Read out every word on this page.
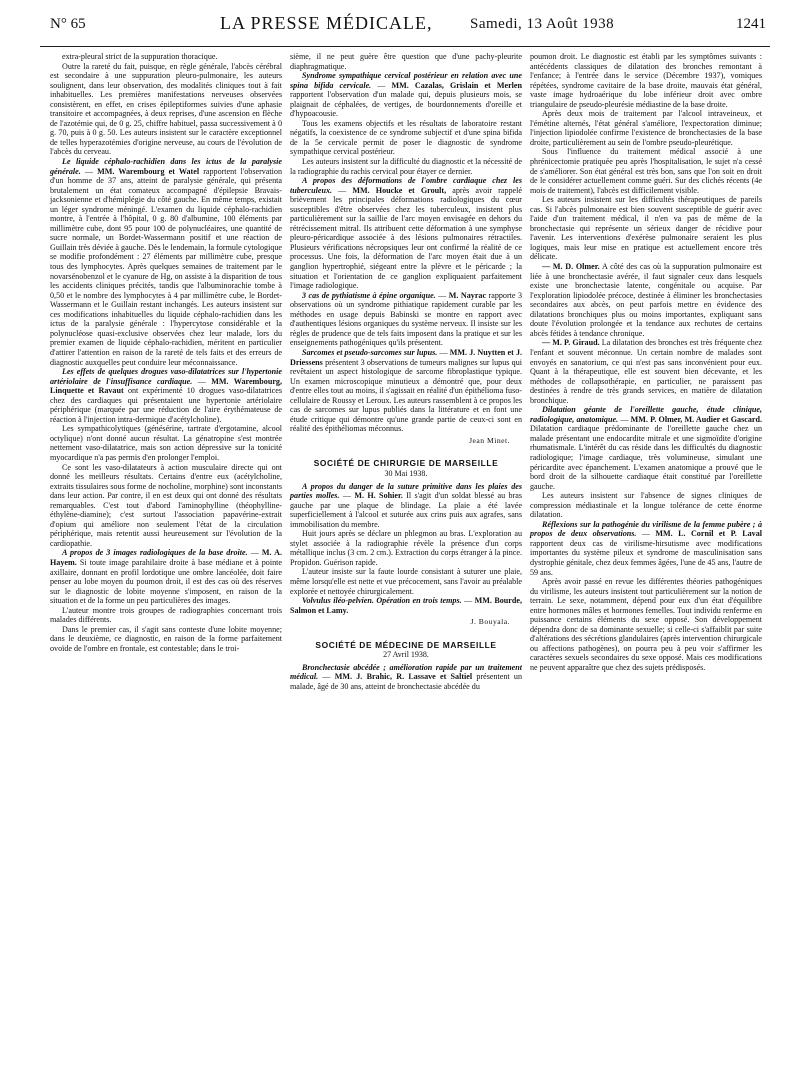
N° 65	LA PRESSE MÉDICALE, Samedi, 13 Août 1938	1241

extra-pleural strict de la suppuration thoracique.

Outre la rareté du fait, puisque, en règle générale, l'abcès cérébral est secondaire à une suppuration pleuro-pulmonaire, les auteurs soulignent, dans leur observation, des modalités cliniques tout à fait inhabituelles. Les premières manifestations nerveuses observées consistèrent, en effet, en crises épileptiformes suivies d'une aphasie transitoire et accompagnées, à deux reprises, d'une ascension en flèche de l'azotémie qui, de 0 g. 25, chiffre habituel, passa successivement à 0 g. 70, puis à 0 g. 50. Les auteurs insistent sur le caractère exceptionnel de telles hyperazotémies d'origine nerveuse, au cours de l'évolution de l'abcès du cerveau.

Le liquide céphalo-rachidien dans les ictus de la paralysie générale. — MM. Warembourg et Watel rapportent l'observation d'un homme de 37 ans, atteint de paralysie générale, qui présenta brutalement un état comateux accompagné d'épilepsie Bravais-jacksonienne et d'hémiplégie du côté gauche. En même temps, existait un léger syndrome méningé. L'examen du liquide céphalo-rachidien montre, à l'entrée à l'hôpital, 0 g. 80 d'albumine, 100 éléments par millimètre cube, dont 95 pour 100 de polynucléaires, une quantité de sucre normale, un Bordet-Wassermann positif et une réaction de Guillain très déviée à gauche. Dès le lendemain, la formule cytologique se modifie profondément : 27 éléments par millimètre cube, presque tous des lymphocytes. Après quelques semaines de traitement par le novarsénobenzol et le cyanure de Hg, on assiste à la disparition de tous les accidents cliniques précités, tandis que l'albuminorachie tombe à 0,50 et le nombre des lymphocytes à 4 par millimètre cube, le Bordet-Wassermann et le Guillain restant inchangés. Les auteurs insistent sur ces modifications inhabituelles du liquide céphalo-rachidien dans les ictus de la paralysie générale : l'hypercytose considérable et la polynucléose quasi-exclusive observées chez leur malade, lors du premier examen de liquide céphalo-rachidien, méritent en particulier d'attirer l'attention en raison de la rareté de tels faits et des erreurs de diagnostic auxquelles peut conduire leur méconnaissance.

Les effets de quelques drogues vaso-dilatatrices sur l'hypertonie artériolaire de l'insuffisance cardiaque. — MM. Warembourg, Linquette et Ravaut ont expérimenté 10 drogues vaso-dilatatrices chez des cardiaques qui présentaient une hypertonie artériolaire périphérique (marquée par une réduction de l'aire érythémateuse de réaction à l'injection intra-dermique d'acétylcholine).

Les sympathicolytiques (génésérine, tartrate d'ergotamine, alcool octylique) n'ont donné aucun résultat. La génatropine s'est montrée nettement vaso-dilatatrice, mais son action dépressive sur la tonicité myocardique n'a pas permis d'en prolonger l'emploi.

Ce sont les vaso-dilatateurs à action musculaire directe qui ont donné les meilleurs résultats. Certains d'entre eux (acétylcholine, extraits tissulaires sous forme de nocholine, morphine) sont inconstants dans leur action. Par contre, il en est deux qui ont donné des résultats remarquables. C'est tout d'abord l'aminophylline (théophylline-éthylène-diamine); c'est surtout l'association papavérine-extrait d'opium qui améliore non seulement l'état de la circulation périphérique, mais retentit aussi heureusement sur l'évolution de la cardiopathie.

A propos de 3 images radiologiques de la base droite. — M. A. Hayem. Si toute image parahilaire droite à base médiane et à pointe axillaire, donnant en profil lordotique une ombre lancéolée, doit faire penser au lobe moyen du poumon droit, il est des cas où des réserves sur le diagnostic de lobite moyenne s'imposent, en raison de la situation et de la forme un peu particulières des images.

L'auteur montre trois groupes de radiographies concernant trois malades différents.

Dans le premier cas, il s'agit sans conteste d'une lobite moyenne; dans le deuxième, ce diagnostic, en raison de la forme parfaitement ovoïde de l'ombre en frontale, est contestable; dans le troi-

sième, il ne peut guère être question que d'une pachy-pleurite diaphragmatique.

Syndrome sympathique cervical postérieur en relation avec une spina bifida cervicale. — MM. Cazalas, Grislain et Merlen rapportent l'observation d'un malade qui, depuis plusieurs mois, se plaignait de céphalées, de vertiges, de bourdonnements d'oreille et d'hypoacousie.

Tous les examens objectifs et les résultats de laboratoire restant négatifs, la coexistence de ce syndrome subjectif et d'une spina bifida de la 5e cervicale permit de poser le diagnostic de syndrome sympathique cervical postérieur.

Les auteurs insistent sur la difficulté du diagnostic et la nécessité de la radiographie du rachis cervical pour étayer ce dernier.

A propos des déformations de l'ombre cardiaque chez les tuberculeux. — MM. Houcke et Groult, après avoir rappelé brièvement les principales déformations radiologiques du cœur susceptibles d'être observées chez les tuberculeux, insistent plus particulièrement sur la saillie de l'arc moyen envisagée en dehors du rétrécissement mitral. Ils attribuent cette déformation à une symphyse pleuro-péricardique associée à des lésions pulmonaires rétractiles. Plusieurs vérifications nécropsiques leur ont confirmé la réalité de ce processus. Une fois, la déformation de l'arc moyen était due à un ganglion hypertrophié, siégeant entre la plèvre et le péricarde ; la situation et l'orientation de ce ganglion expliquaient parfaitement l'image radiologique.

3 cas de pythiatisme à épine organique. — M. Nayrac rapporte 3 observations où un syndrome pithiatique rapidement curable par les méthodes en usage depuis Babinski se montre en rapport avec d'authentiques lésions organiques du système nerveux. Il insiste sur les règles de prudence que de tels faits imposent dans la pratique et sur les enseignements pathogéniques qu'ils présentent.

Sarcomes et pseudo-sarcomes sur lupus. — MM. J. Nuytten et J. Driessens présentent 3 observations de tumeurs malignes sur lupus qui revêtaient un aspect histologique de sarcome fibroplastique typique. Un examen microscopique minutieux a démontré que, pour deux d'entre elles tout au moins, il s'agissait en réalité d'un épithélioma fuso-cellulaire de Roussy et Leroux. Les auteurs rassemblent à ce propos les cas de sarcomes sur lupus publiés dans la littérature et en font une étude critique qui démontre qu'une grande partie de ceux-ci sont en réalité des épithéliomas méconnus.

Jean Minet.

SOCIÉTÉ DE CHIRURGIE DE MARSEILLE

30 Mai 1938.

A propos du danger de la suture primitive dans les plaies des parties molles. — M. H. Sohier. Il s'agit d'un soldat blessé au bras gauche par une plaque de blindage. La plaie a été lavée superficiellement à l'alcool et suturée aux crins puis aux agrafes, sans immobilisation du membre.

Huit jours après se déclare un phlegmon au bras. L'exploration au stylet associée à la radiographie révèle la présence d'un corps métallique inclus (3 cm. 2 cm.). Extraction du corps étranger à la pince. Propidon. Guérison rapide.

L'auteur insiste sur la faute lourde consistant à suturer une plaie, même lorsqu'elle est nette et vue précocement, sans l'avoir au préalable explorée et nettoyée chirurgicalement.

Volvulus iléo-pelvien. Opération en trois temps. — MM. Bourde, Salmon et Lamy.

J. Bouyala.

SOCIÉTÉ DE MÉDECINE DE MARSEILLE

27 Avril 1938.

Bronchectasie abcédée ; amélioration rapide par un traitement médical. — MM. J. Brahic, R. Lassave et Saltiel présentent un malade, âgé de 30 ans, atteint de bronchectasie abcédée du

poumon droit. Le diagnostic est établi par les symptômes suivants : antécédents classiques de dilatation des bronches remontant à l'enfance; à l'entrée dans le service (Décembre 1937), vomiques répétées, syndrome cavitaire de la base droite, mauvais état général, vaste image hydroaérique du lobe inférieur droit avec ombre triangulaire de pseudo-pleurésie médiastine de la base droite.

Après deux mois de traitement par l'alcool intraveineux, et l'émétine alternés, l'état général s'améliore, l'expectoration diminue; l'injection lipiodolée confirme l'existence de bronchectasies de la base droite, particulièrement au sein de l'ombre pseudo-pleurétique.

Sous l'influence du traitement médical associé à une phrénicectomie pratiquée peu après l'hospitalisation, le sujet n'a cessé de s'améliorer. Son état général est très bon, sans que l'on soit en droit de le considérer actuellement comme guéri. Sur des clichés récents (4e mois de traitement), l'abcès est difficilement visible.

Les auteurs insistent sur les difficultés thérapeutiques de pareils cas. Si l'abcès pulmonaire est bien souvent susceptible de guérir avec l'aide d'un traitement médical, il n'en va pas de même de la bronchectasie qui représente un sérieux danger de récidive pour l'avenir. Les interventions d'exérèse pulmonaire seraient les plus logiques, mais leur mise en pratique est actuellement encore très délicate.

— M. D. Olmer. A côté des cas où la suppuration pulmonaire est liée à une bronchectasie avérée, il faut signaler ceux dans lesquels existe une bronchectasie latente, congénitale ou acquise. Par l'exploration lipiodolée précoce, destinée à éliminer les bronchectasies secondaires aux abcès, on peut parfois mettre en évidence des dilatations bronchiques plus ou moins importantes, expliquant sans doute l'évolution prolongée et la tendance aux rechutes de certains abcès fétides à tendance chronique.

— M. P. Giraud. La dilatation des bronches est très fréquente chez l'enfant et souvent méconnue. Un certain nombre de malades sont envoyés en sanatorium, ce qui n'est pas sans inconvénient pour eux. Quant à la thérapeutique, elle est souvent bien décevante, et les méthodes de collapsothérapie, en particulier, ne paraissent pas destinées à rendre de très grands services, en matière de dilatation bronchique.

Dilatation géante de l'oreillette gauche, étude clinique, radiologique, anatomique. — MM. P. Olmer, M. Audier et Gascard. Dilatation cardiaque prédominante de l'oreillette gauche chez un malade présentant une endocardite mitrale et une sigmoïdite d'origine rhumatismale. L'intérêt du cas réside dans les difficultés du diagnostic radiologique; l'image cardiaque, très volumineuse, simulant une péricardite avec épanchement. L'examen anatomique a prouvé que le bord droit de la silhouette cardiaque était constitué par l'oreillette gauche.

Les auteurs insistent sur l'absence de signes cliniques de compression médiastinale et la longue tolérance de cette énorme dilatation.

Réflexions sur la pathogénie du virilisme de la femme pubère ; à propos de deux observations. — MM. L. Cornil et P. Laval rapportent deux cas de virilisme-hirsutisme avec modifications importantes du système pileux et syndrome de masculinisation sans dystrophie génitale, chez deux femmes âgées, l'une de 45 ans, l'autre de 59 ans.

Après avoir passé en revue les différentes théories pathogéniques du virilisme, les auteurs insistent tout particulièrement sur la notion de terrain. Le sexe, notamment, dépend pour eux d'un état d'équilibre entre hormones mâles et hormones femelles. Tout individu renferme en puissance certains éléments du sexe opposé. Son développement dépendra donc de sa dominante sexuelle; si celle-ci s'affaiblit par suite d'altérations des sécrétions glandulaires (après intervention chirurgicale ou affections pathogènes), on pourra peu à peu voir s'affirmer les caractères sexuels secondaires du sexe opposé. Mais ces modifications ne peuvent apparaître que chez des sujets prédisposés.
